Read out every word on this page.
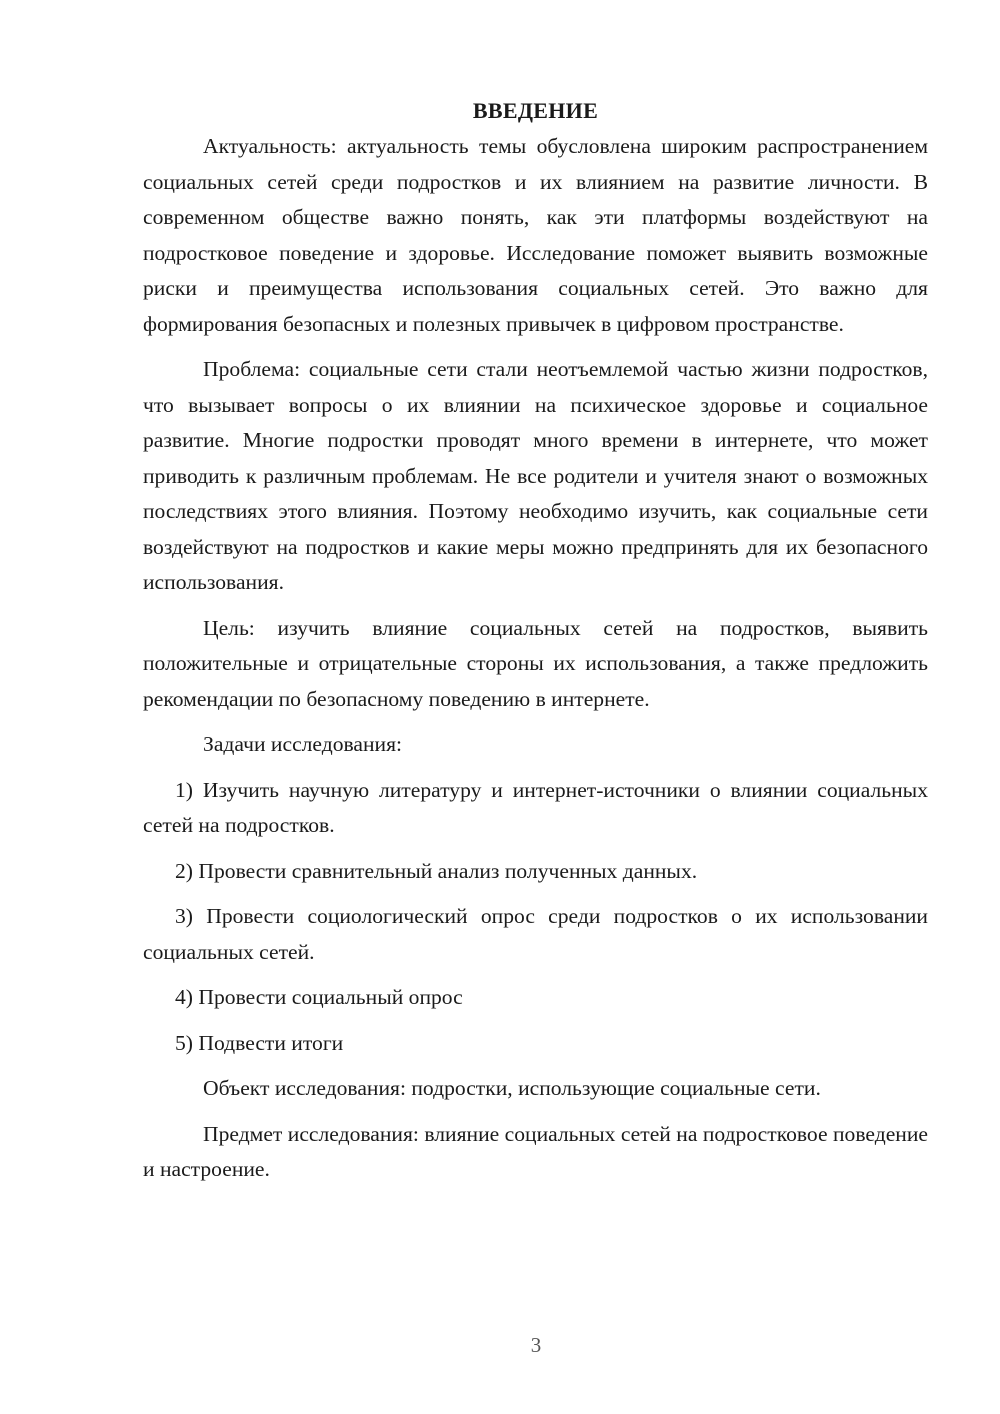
ВВЕДЕНИЕ

Актуальность: актуальность темы обусловлена широким распространением социальных сетей среди подростков и их влиянием на развитие личности. В современном обществе важно понять, как эти платформы воздействуют на подростковое поведение и здоровье. Исследование поможет выявить возможные риски и преимущества использования социальных сетей. Это важно для формирования безопасных и полезных привычек в цифровом пространстве.

Проблема: социальные сети стали неотъемлемой частью жизни подростков, что вызывает вопросы о их влиянии на психическое здоровье и социальное развитие. Многие подростки проводят много времени в интернете, что может приводить к различным проблемам. Не все родители и учителя знают о возможных последствиях этого влияния. Поэтому необходимо изучить, как социальные сети воздействуют на подростков и какие меры можно предпринять для их безопасного использования.

Цель: изучить влияние социальных сетей на подростков, выявить положительные и отрицательные стороны их использования, а также предложить рекомендации по безопасному поведению в интернете.

Задачи исследования:

1) Изучить научную литературу и интернет-источники о влиянии социальных сетей на подростков.

2) Провести сравнительный анализ полученных данных.

3) Провести социологический опрос среди подростков о их использовании социальных сетей.

4) Провести социальный опрос

5) Подвести итоги

Объект исследования: подростки, использующие социальные сети.

Предмет исследования: влияние социальных сетей на подростковое поведение и настроение.

3
